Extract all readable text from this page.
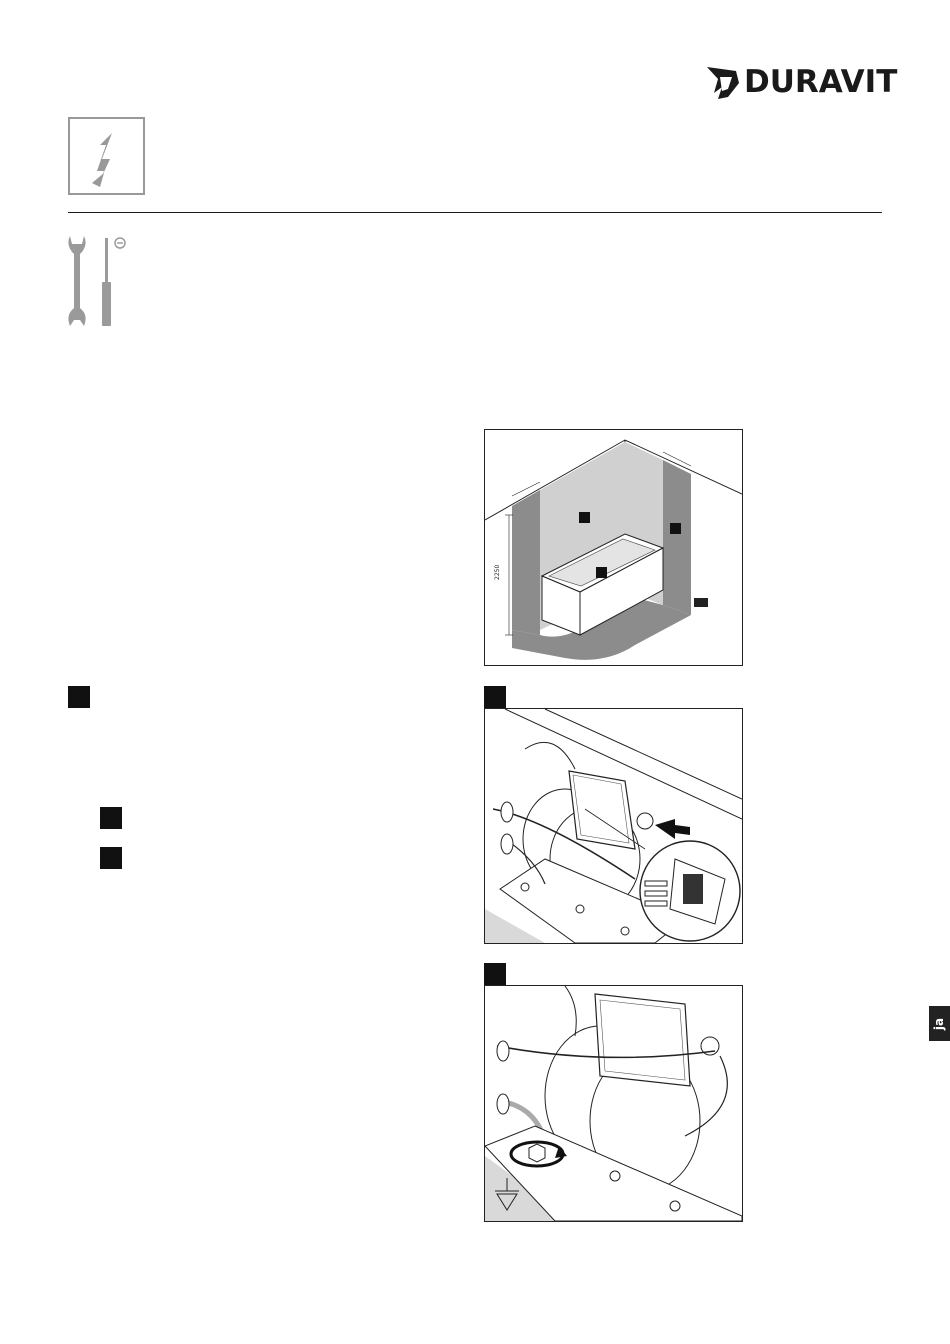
DURAVIT
2250
ja
